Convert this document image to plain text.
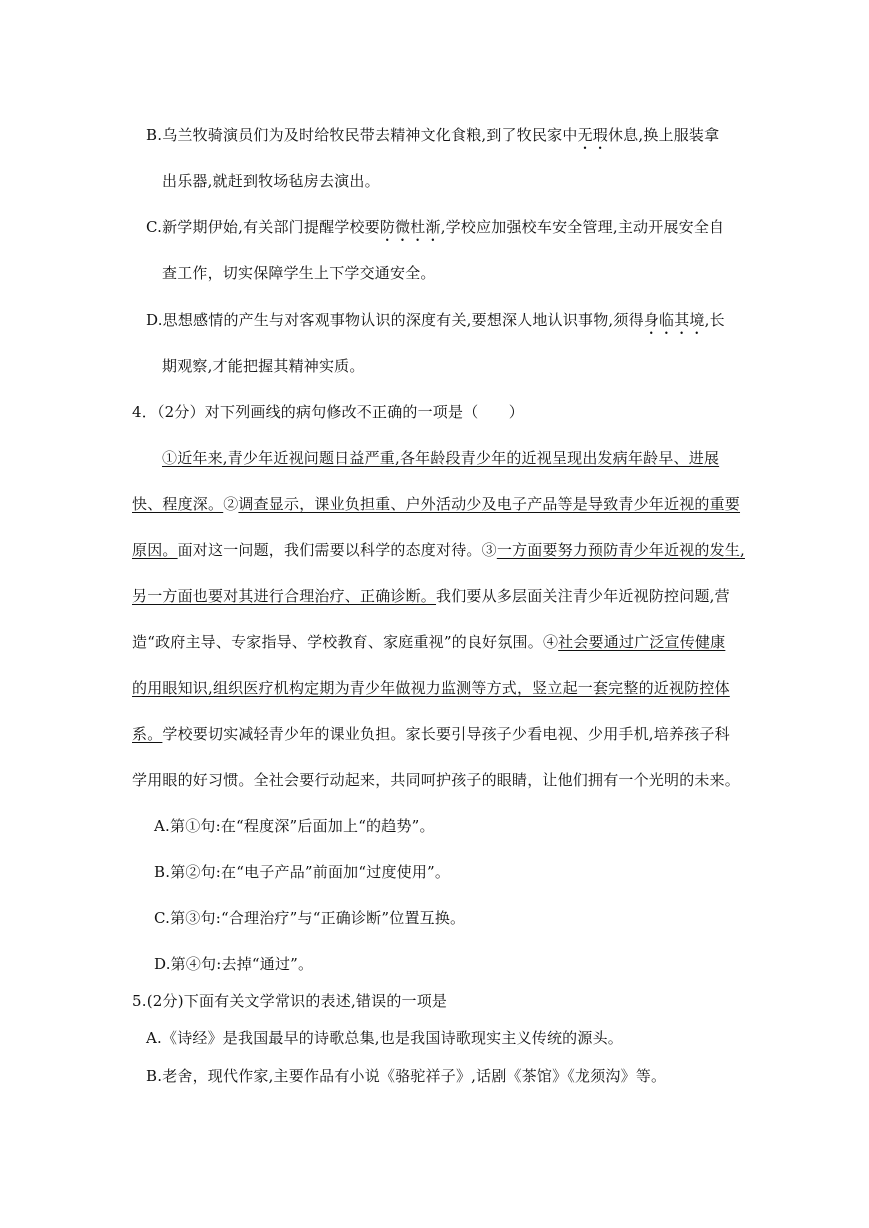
B.乌兰牧骑演员们为及时给牧民带去精神文化食粮,到了牧民家中无瑕休息,换上服装拿
出乐器,就赶到牧场毡房去演出。
C.新学期伊始,有关部门提醒学校要防微杜渐,学校应加强校车安全管理,主动开展安全自
查工作，切实保障学生上下学交通安全。
D.思想感情的产生与对客观事物认识的深度有关,要想深人地认识事物,须得身临其境,长
期观察,才能把握其精神实质。
4．（2分）对下列画线的病句修改不正确的一项是（　　）
①近年来,青少年近视问题日益严重,各年龄段青少年的近视呈现出发病年龄早、进展
快、程度深。②调查显示，课业负担重、户外活动少及电子产品等是导致青少年近视的重要
原因。面对这一问题，我们需要以科学的态度对待。③一方面要努力预防青少年近视的发生,
另一方面也要对其进行合理治疗、正确诊断。我们要从多层面关注青少年近视防控问题,营
造“政府主导、专家指导、学校教育、家庭重视”的良好氛围。④社会要通过广泛宣传健康
的用眼知识,组织医疗机构定期为青少年做视力监测等方式，竖立起一套完整的近视防控体
系。学校要切实减轻青少年的课业负担。家长要引导孩子少看电视、少用手机,培养孩子科
学用眼的好习惯。全社会要行动起来，共同呵护孩子的眼睛，让他们拥有一个光明的未来。
A.第①句:在“程度深”后面加上“的趋势”。
B.第②句:在“电子产品”前面加“过度使用”。
C.第③句:“合理治疗”与“正确诊断”位置互换。
D.第④句:去掉“通过”。
5.(2分)下面有关文学常识的表述,错误的一项是
A.《诗经》是我国最早的诗歌总集,也是我国诗歌现实主义传统的源头。
B.老舍，现代作家,主要作品有小说《骆驼祥子》,话剧《茶馆》《龙须沟》等。
